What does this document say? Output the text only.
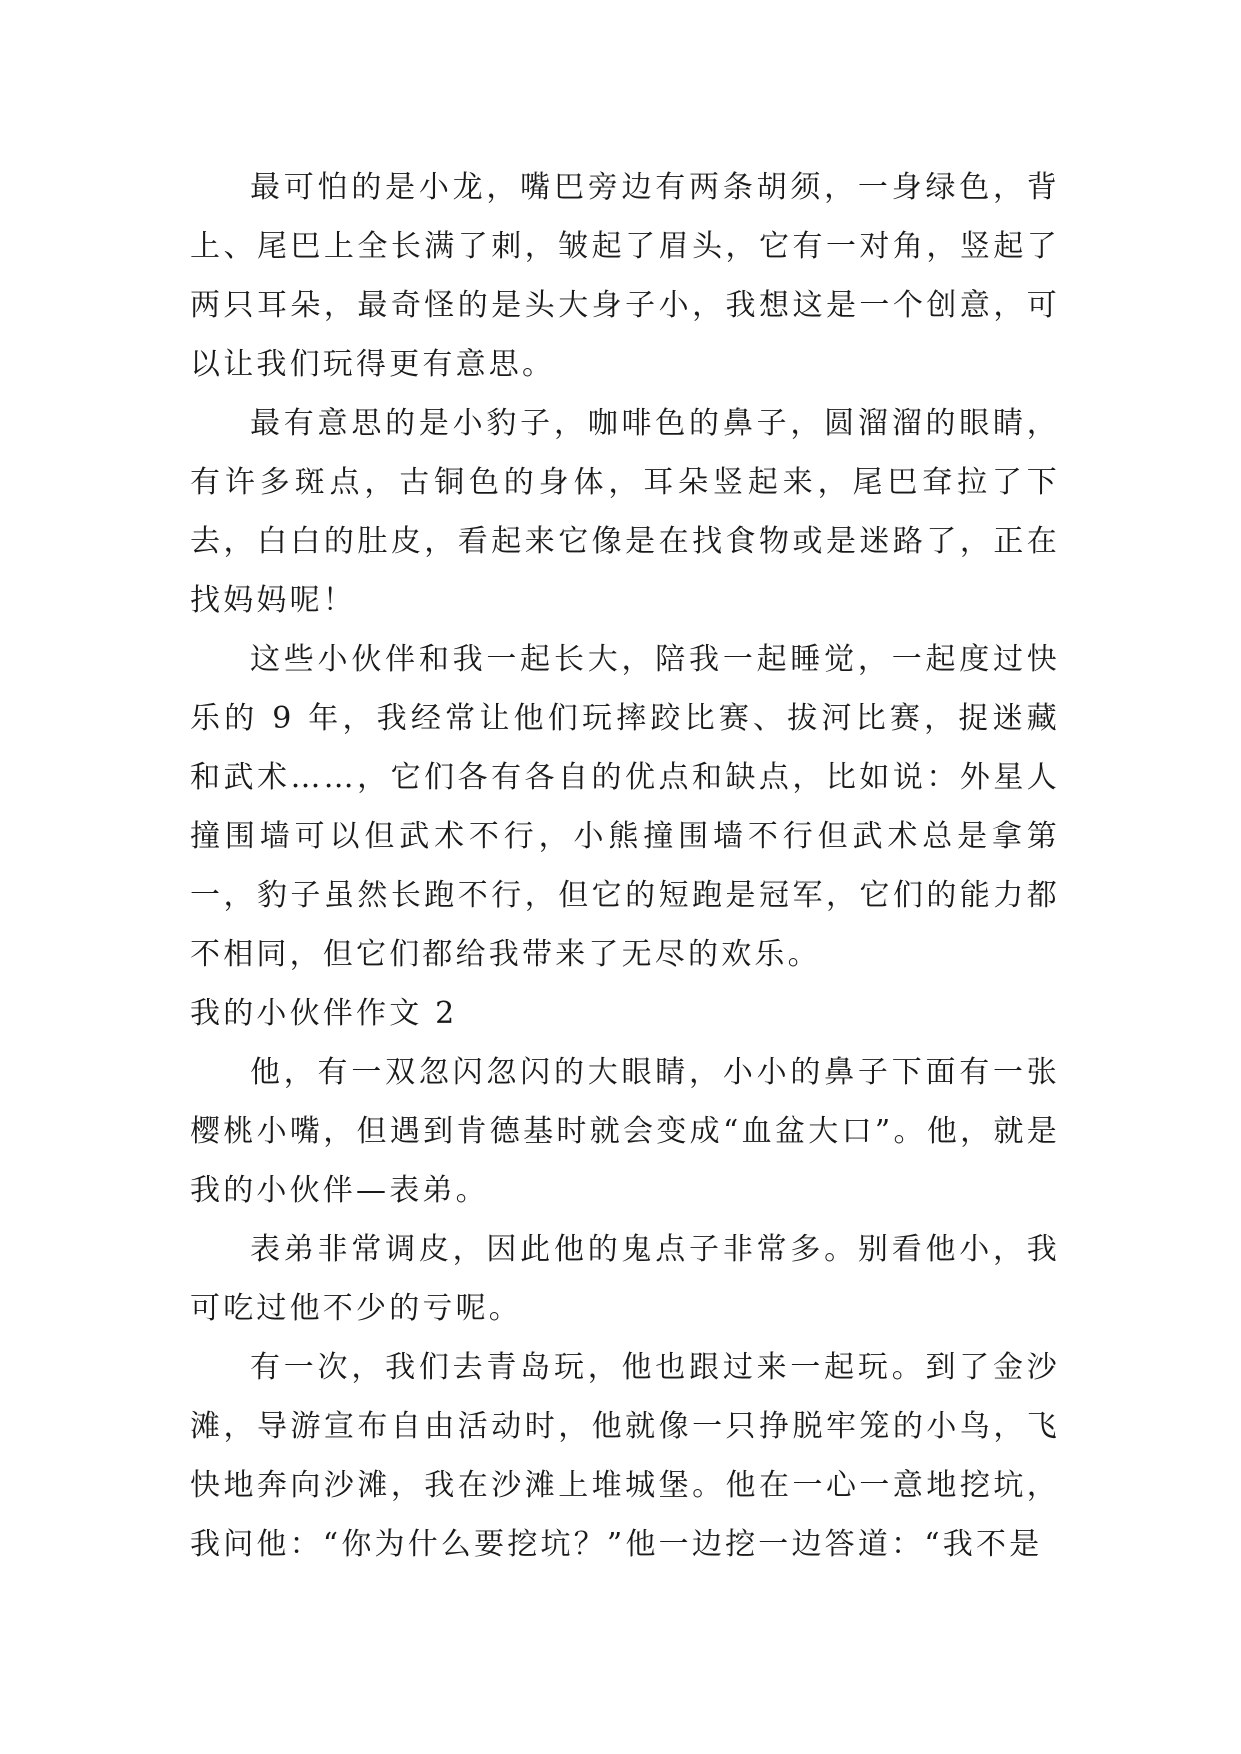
最可怕的是小龙，嘴巴旁边有两条胡须，一身绿色，背上、尾巴上全长满了刺，皱起了眉头，它有一对角，竖起了两只耳朵，最奇怪的是头大身子小，我想这是一个创意，可以让我们玩得更有意思。

最有意思的是小豹子，咖啡色的鼻子，圆溜溜的眼睛，有许多斑点，古铜色的身体，耳朵竖起来，尾巴耷拉了下去，白白的肚皮，看起来它像是在找食物或是迷路了，正在找妈妈呢！

这些小伙伴和我一起长大，陪我一起睡觉，一起度过快乐的 9 年，我经常让他们玩摔跤比赛、拔河比赛，捉迷藏和武术……，它们各有各自的优点和缺点，比如说：外星人撞围墙可以但武术不行，小熊撞围墙不行但武术总是拿第一，豹子虽然长跑不行，但它的短跑是冠军，它们的能力都不相同，但它们都给我带来了无尽的欢乐。

我的小伙伴作文 2

他，有一双忽闪忽闪的大眼睛，小小的鼻子下面有一张樱桃小嘴，但遇到肯德基时就会变成“血盆大口”。他，就是我的小伙伴—表弟。

表弟非常调皮，因此他的鬼点子非常多。别看他小，我可吃过他不少的亏呢。

有一次，我们去青岛玩，他也跟过来一起玩。到了金沙滩，导游宣布自由活动时，他就像一只挣脱牢笼的小鸟，飞快地奔向沙滩，我在沙滩上堆城堡。他在一心一意地挖坑，我问他：“你为什么要挖坑？”他一边挖一边答道：“我不是
